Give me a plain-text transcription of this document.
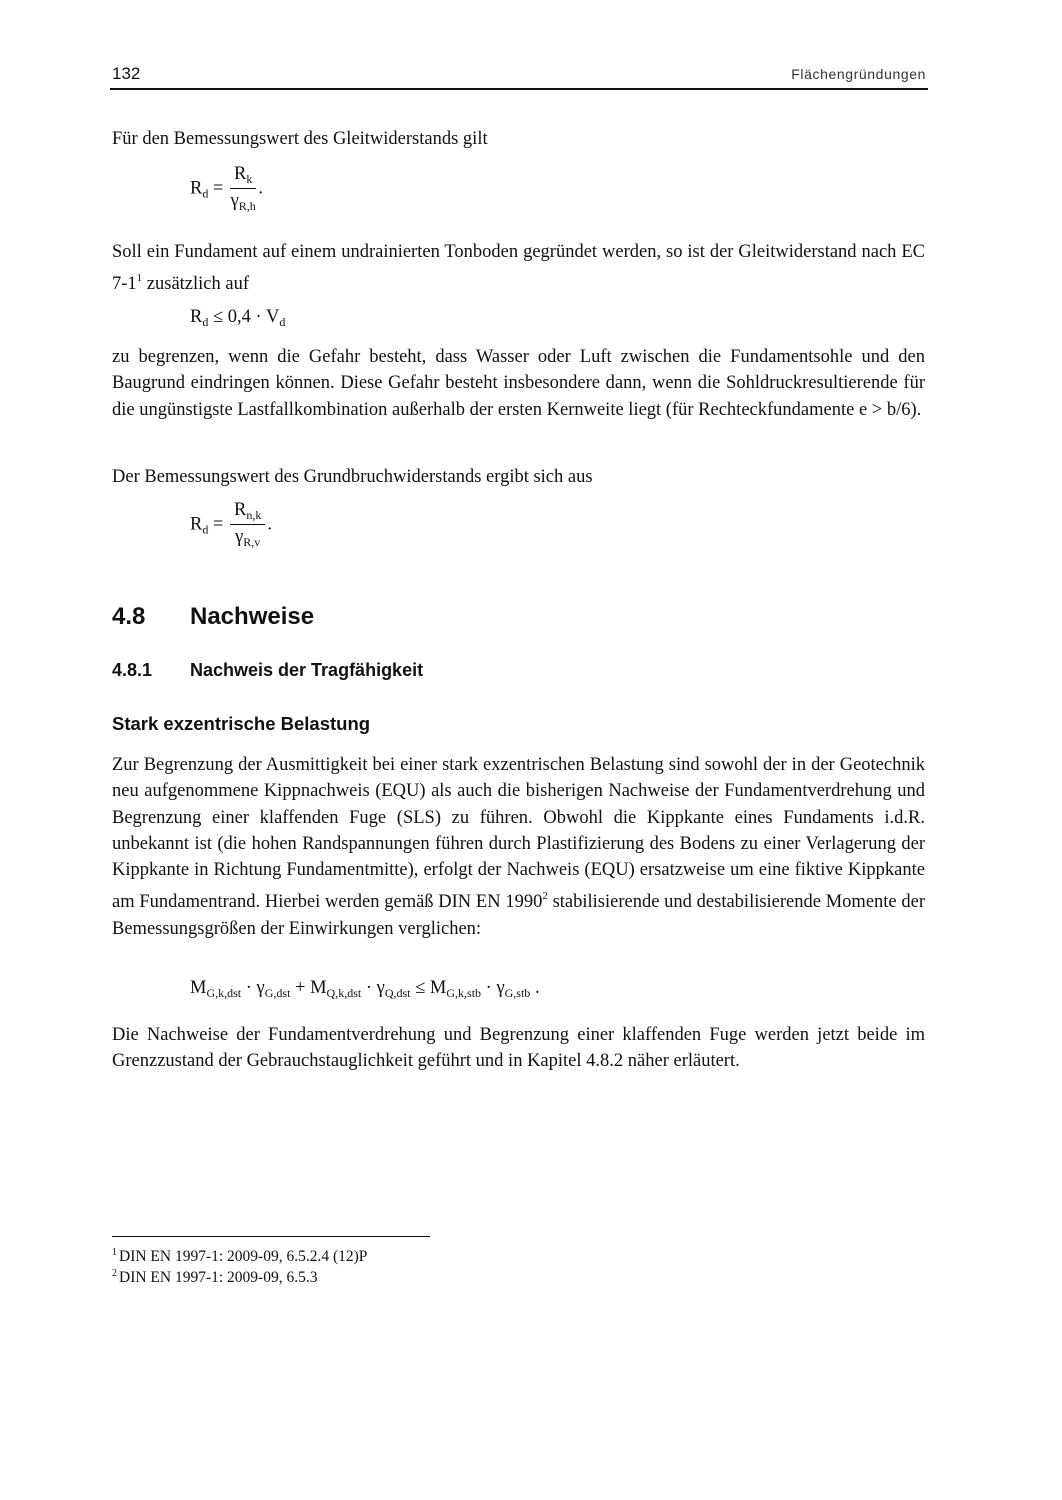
132	Flächengründungen
Für den Bemessungswert des Gleitwiderstands gilt
$R_d = \frac{R_k}{\gamma_{R,h}}$ .
Soll ein Fundament auf einem undrainierten Tonboden gegründet werden, so ist der Gleitwiderstand nach EC $7-1^1$ zusätzlich auf
$R_d \le 0,4 \cdot V_d$
zu begrenzen, wenn die Gefahr besteht, dass Wasser oder Luft zwischen die Fundamentsohle und den Baugrund eindringen können. Diese Gefahr besteht insbesondere dann, wenn die Sohldruckresultierende für die ungünstigste Lastfallkombination außerhalb der ersten Kernweite liegt (für Rechteckfundamente e > b/6).
Der Bemessungswert des Grundbruchwiderstands ergibt sich aus
$R_d = \frac{R_{n,k}}{\gamma_{R,v}}$ .
4.8 Nachweise
4.8.1 Nachweis der Tragfähigkeit
Stark exzentrische Belastung
Zur Begrenzung der Ausmittigkeit bei einer stark exzentrischen Belastung sind sowohl der in der Geotechnik neu aufgenommene Kippnachweis (EQU) als auch die bisherigen Nachweise der Fundamentverdrehung und Begrenzung einer klaffenden Fuge (SLS) zu führen. Obwohl die Kippkante eines Fundaments i.d.R. unbekannt ist (die hohen Randspannungen führen durch Plastifizierung des Bodens zu einer Verlagerung der Kippkante in Richtung Fundamentmitte), erfolgt der Nachweis (EQU) ersatzweise um eine fiktive Kippkante am Fundamentrand. Hierbei werden gemäß DIN EN 1990$^2$ stabilisierende und destabilisierende Momente der Bemessungsgrößen der Einwirkungen verglichen:
$M_{G,k,dst} \cdot \gamma_{G,dst} + M_{Q,k,dst} \cdot \gamma_{Q,dst} \le M_{G,k,stb} \cdot \gamma_{G,stb}$ .
Die Nachweise der Fundamentverdrehung und Begrenzung einer klaffenden Fuge werden jetzt beide im Grenzzustand der Gebrauchstauglichkeit geführt und in Kapitel 4.8.2 näher erläutert.
$^1$ DIN EN 1997-1: 2009-09, 6.5.2.4 (12)P
$^2$ DIN EN 1997-1: 2009-09, 6.5.3
